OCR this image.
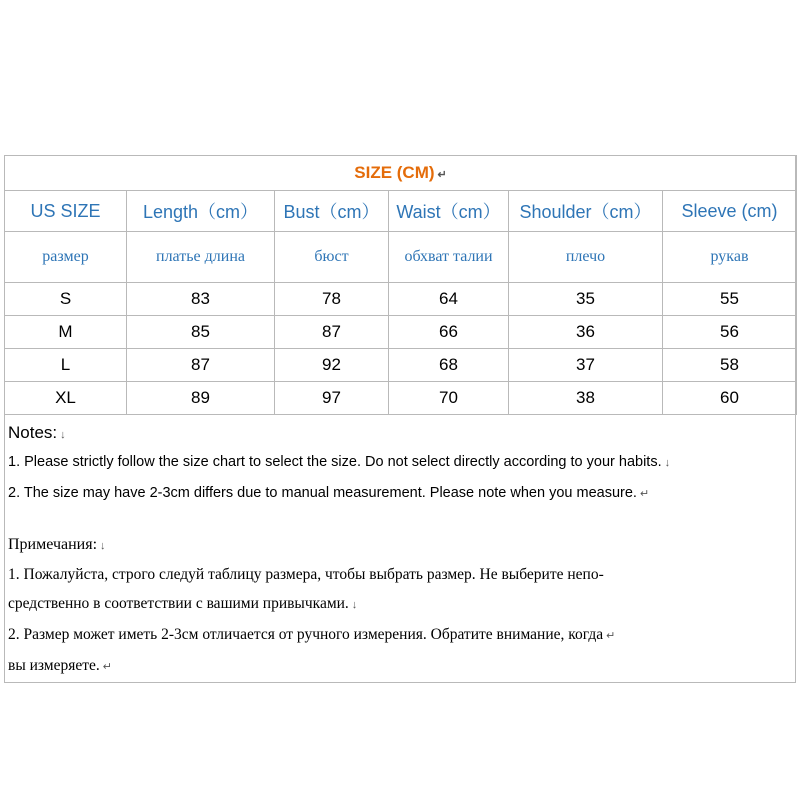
SIZE (CM) ↵					
US SIZE	Length（cm）	Bust（cm）	Waist（cm）	Shoulder（cm）	Sleeve (cm)
размер	платье длина	бюст	обхват талии	плечо	рукав
S	83	78	64	35	55
M	85	87	66	36	56
L	87	92	68	37	58
XL	89	97	70	38	60
Notes: ↓
1. Please strictly follow the size chart to select the size. Do not select directly according to your habits. ↓
2. The size may have 2-3cm differs due to manual measurement. Please note when you measure. ↵
Примечания: ↓
1. Пожалуйста, строго следуй таблицу размера, чтобы выбрать размер. Не выберите непо-
средственно в соответствии с вашими привычками. ↓
2. Размер может иметь 2-3см отличается от ручного измерения. Обратите внимание, когда ↵
вы измеряете. ↵
